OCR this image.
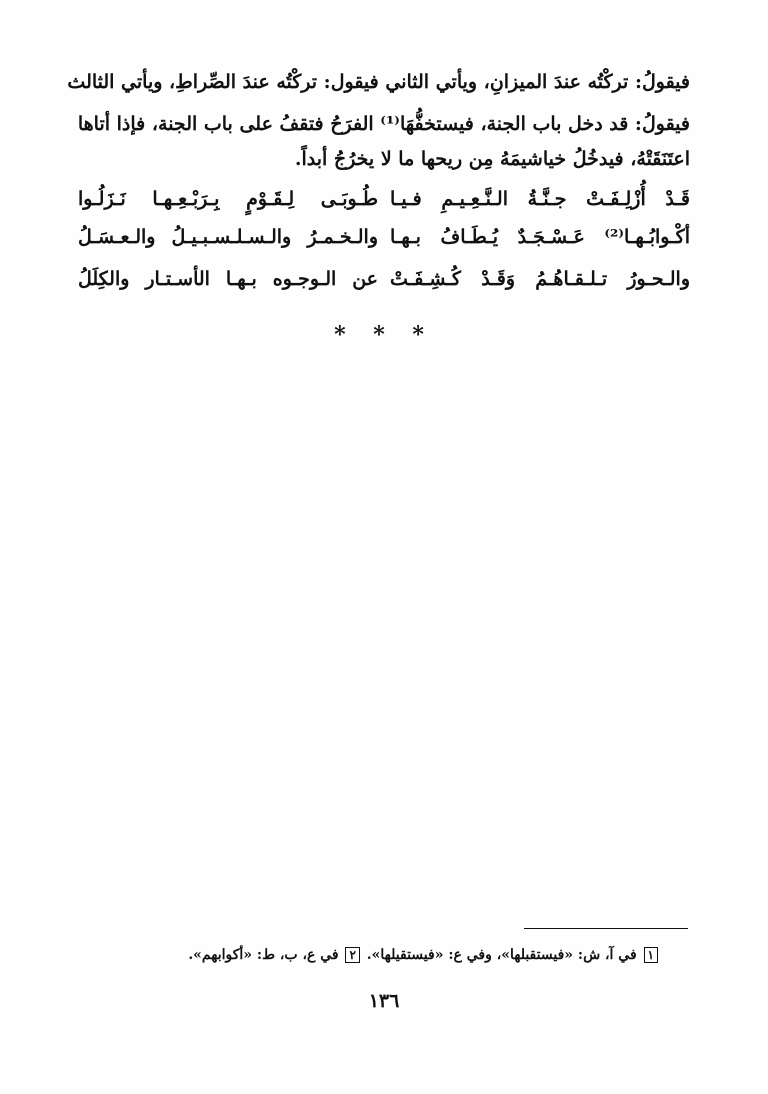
فيقولُ: تركْتُه عندَ الميزانِ، ويأتي الثاني فيقول: تركْتُه عندَ الصِّراطِ، ويأتي الثالث
فيقولُ: قد دخل باب الجنة، فيستخفُّهَا⁽¹⁾ الفرَحُ فتقفُ على باب الجنة، فإذا أتاها
اعتَنَقَتْهُ، فيدخُلُ خياشيمَهُ مِن ريحها ما لا يخرُجُ أبداً.
قَـدْ أُزْلِـفَـتْ جـنَّـةُ الـنَّـعِـيـمِ فـيـا
طُـوبَـى لِـقَـوْمٍ بِـرَبْـعِـهـا نَـزَلُـوا
أكْـوابُـهـا⁽²⁾ عَـسْـجَـدٌ يُـطَـافُ بـهـا
والـخـمـرُ والـسـلـسـبـيـلُ والـعـسَـلُ
والـحـورُ تـلـقـاهُـمُ وَقَـدْ كُـشِـفَـتْ
عن الـوجـوه بـهـا الأسـتـار والكِلَلُ
* * *
١ في آ، ش: «فيستقبلها»، وفي ع: «فيستقيلها». ٢ في ع، ب، ط: «أكوابهم».
١٣٦
